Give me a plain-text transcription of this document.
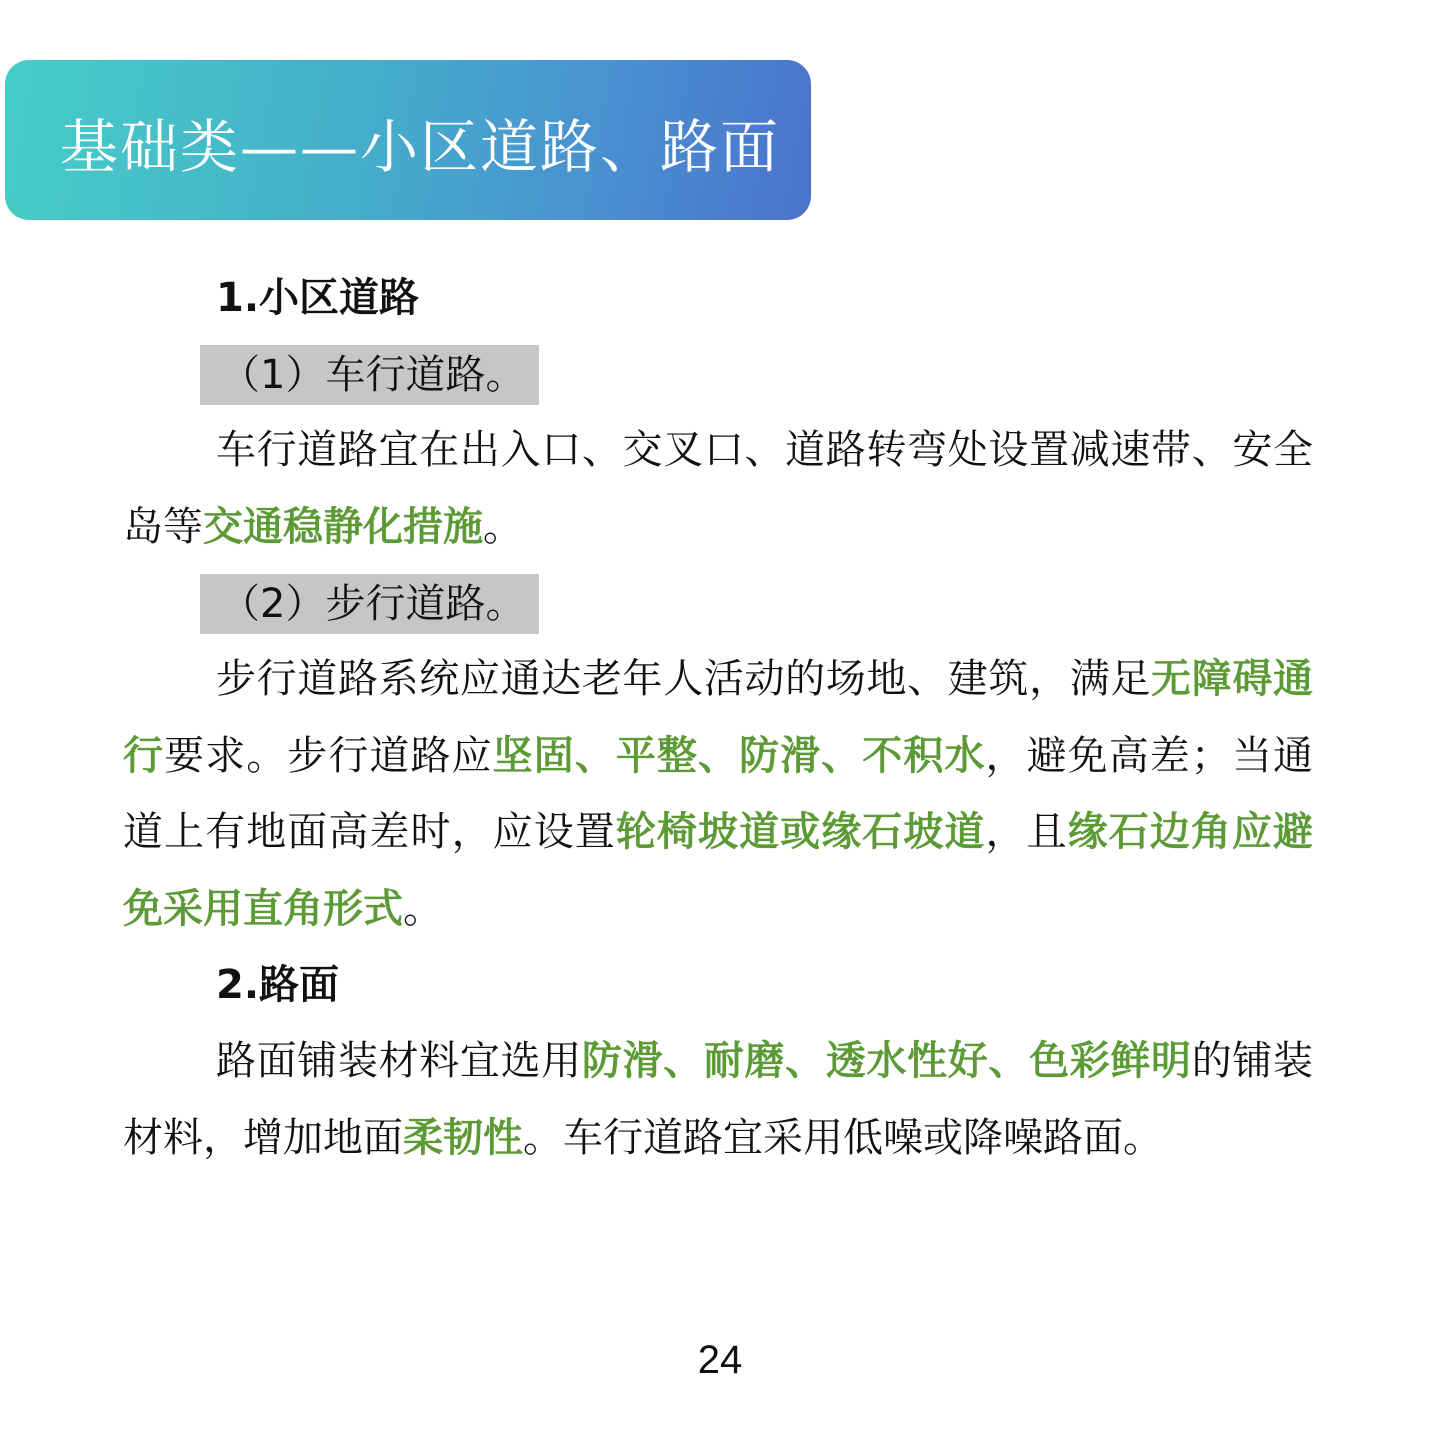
基础类——小区道路、路面
1.小区道路
（1）车行道路。

车行道路宜在出入口、交叉口、道路转弯处设置减速带、安全岛等交通稳静化措施。

（2）步行道路。

步行道路系统应通达老年人活动的场地、建筑，满足无障碍通行要求。步行道路应坚固、平整、防滑、不积水，避免高差；当通道上有地面高差时，应设置轮椅坡道或缘石坡道，且缘石边角应避免采用直角形式。

2.路面

路面铺装材料宜选用防滑、耐磨、透水性好、色彩鲜明的铺装材料，增加地面柔韧性。车行道路宜采用低噪或降噪路面。

24
